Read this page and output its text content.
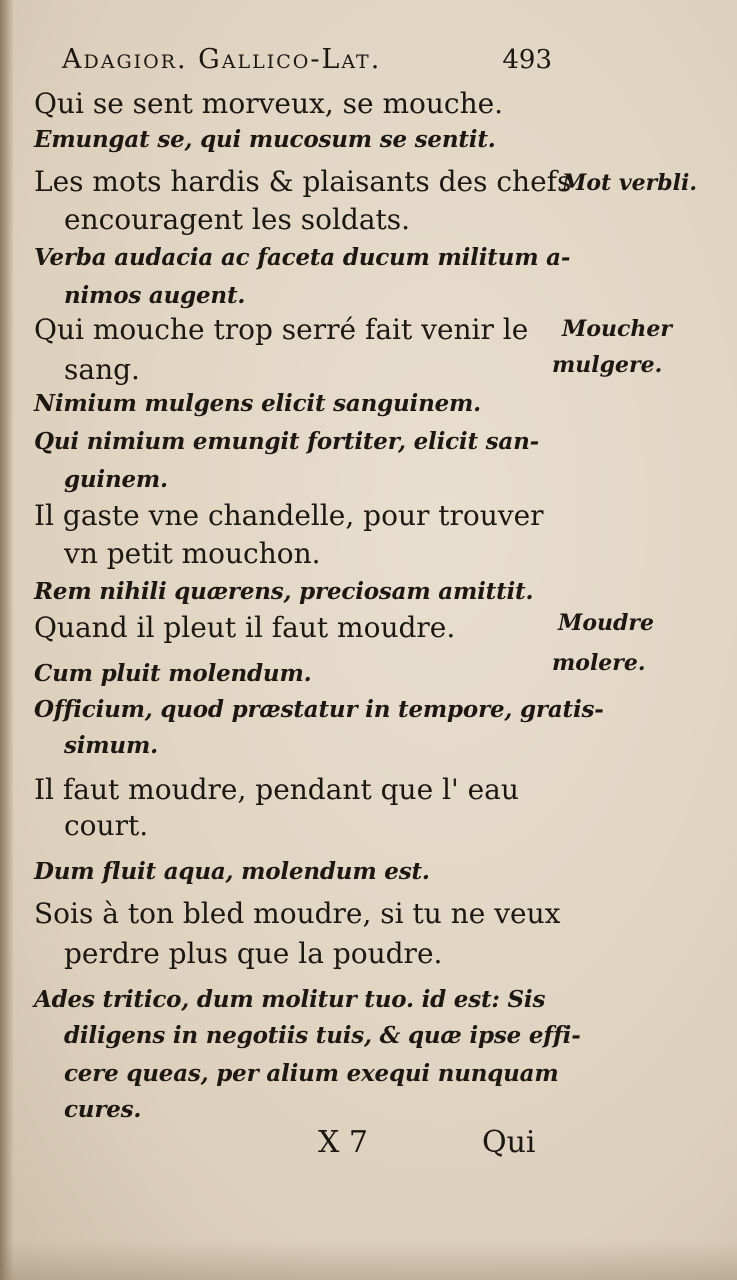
Adagior. Gallico-Lat.	493
Qui se sent morveux, se mouche.
Emungat se, qui mucosum se sentit.
Les mots hardis & plaisants des chefs
encouragent les soldats.
Verba audacia ac faceta ducum militum a-
nimos augent.
Qui mouche trop serré fait venir le
sang.
Nimium mulgens elicit sanguinem.
Qui nimium emungit fortiter, elicit san-
guinem.
Il gaste vne chandelle, pour trouver
vn petit mouchon.
Rem nihili quærens, preciosam amittit.
Quand il pleut il faut moudre.
Cum pluit molendum.
Officium, quod præstatur in tempore, gratis-
simum.
Il faut moudre, pendant que l' eau
court.
Dum fluit aqua, molendum est.
Sois à ton bled moudre, si tu ne veux
perdre plus que la poudre.
Ades tritico, dum molitur tuo. id est: Sis
diligens in negotiis tuis, & quæ ipse effi-
cere queas, per alium exequi nunquam
cures.
Mot verbli.
Moucher
mulgere.
Moudre
molere.
X 7	Qui
